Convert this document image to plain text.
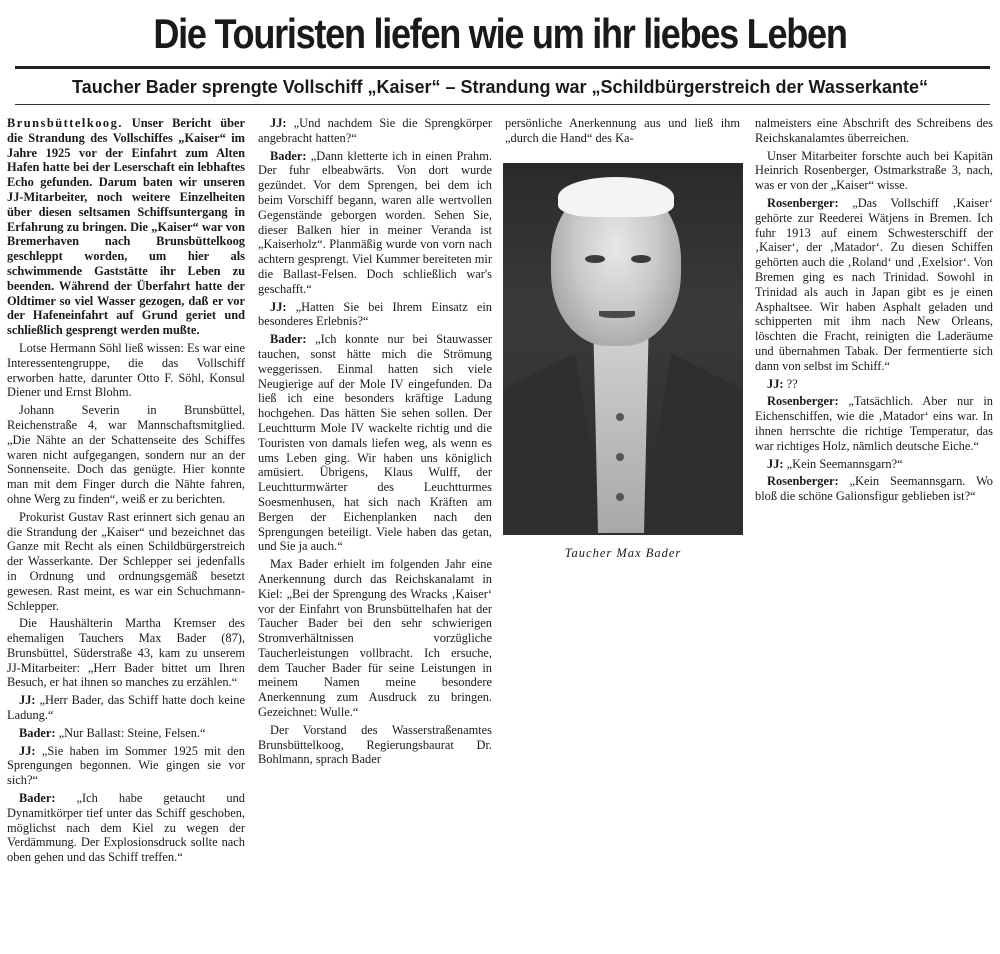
Die Touristen liefen wie um ihr liebes Leben
Taucher Bader sprengte Vollschiff „Kaiser“ – Strandung war „Schildbürgerstreich der Wasserkante“

Brunsbüttelkoog. Unser Bericht über die Strandung des Vollschiffes „Kaiser“ im Jahre 1925 vor der Einfahrt zum Alten Hafen hatte bei der Leserschaft ein lebhaftes Echo gefunden. Darum baten wir unseren JJ-Mitarbeiter, noch weitere Einzelheiten über diesen seltsamen Schiffsuntergang in Erfahrung zu bringen. Die „Kaiser“ war von Bremerhaven nach Brunsbüttelkoog geschleppt worden, um hier als schwimmende Gaststätte ihr Leben zu beenden. Während der Überfahrt hatte der Oldtimer so viel Wasser gezogen, daß er vor der Hafeneinfahrt auf Grund geriet und schließlich gesprengt werden mußte.

Lotse Hermann Söhl ließ wissen: Es war eine Interessentengruppe, die das Vollschiff erworben hatte, darunter Otto F. Söhl, Konsul Diener und Ernst Blohm.

Johann Severin in Brunsbüttel, Reichenstraße 4, war Mannschaftsmitglied. „Die Nähte an der Schattenseite des Schiffes waren nicht aufgegangen, sondern nur an der Sonnenseite. Doch das genügte. Hier konnte man mit dem Finger durch die Nähte fahren, ohne Werg zu finden“, weiß er zu berichten.

Prokurist Gustav Rast erinnert sich genau an die Strandung der „Kaiser“ und bezeichnet das Ganze mit Recht als einen Schildbürgerstreich der Wasserkante. Der Schlepper sei jedenfalls in Ordnung und ordnungsgemäß besetzt gewesen. Rast meint, es war ein Schuchmann-Schlepper.

Die Haushälterin Martha Kremser des ehemaligen Tauchers Max Bader (87), Brunsbüttel, Süderstraße 43, kam zu unserem JJ-Mitarbeiter: „Herr Bader bittet um Ihren Besuch, er hat ihnen so manches zu erzählen.“

JJ: „Herr Bader, das Schiff hatte doch keine Ladung.“

Bader: „Nur Ballast: Steine, Felsen.“

JJ: „Sie haben im Sommer 1925 mit den Sprengungen begonnen. Wie gingen sie vor sich?“

Bader: „Ich habe getaucht und Dynamitkörper tief unter das Schiff geschoben, möglichst nach dem Kiel zu wegen der Verdämmung. Der Explosionsdruck sollte nach oben gehen und das Schiff treffen.“

JJ: „Und nachdem Sie die Sprengkörper angebracht hatten?“

Bader: „Dann kletterte ich in einen Prahm. Der fuhr elbeabwärts. Von dort wurde gezündet. Vor dem Sprengen, bei dem ich beim Vorschiff begann, waren alle wertvollen Gegenstände geborgen worden. Sehen Sie, dieser Balken hier in meiner Veranda ist „Kaiserholz“. Planmäßig wurde von vorn nach achtern gesprengt. Viel Kummer bereiteten mir die Ballast-Felsen. Doch schließlich war's geschafft.“

JJ: „Hatten Sie bei Ihrem Einsatz ein besonderes Erlebnis?“

Bader: „Ich konnte nur bei Stauwasser tauchen, sonst hätte mich die Strömung weggerissen. Einmal hatten sich viele Neugierige auf der Mole IV eingefunden. Da ließ ich eine besonders kräftige Ladung hochgehen. Das hätten Sie sehen sollen. Der Leuchtturm Mole IV wackelte richtig und die Touristen von damals liefen weg, als wenn es ums Leben ging. Wir haben uns königlich amüsiert. Übrigens, Klaus Wulff, der Leuchtturmwärter des Leuchtturmes Soesmenhusen, hat sich nach Kräften am Bergen der Eichenplanken nach den Sprengungen beteiligt. Viele haben das getan, und Sie ja auch.“

Max Bader erhielt im folgenden Jahr eine Anerkennung durch das Reichskanalamt in Kiel: „Bei der Sprengung des Wracks ‚Kaiser‘ vor der Einfahrt von Brunsbüttelhafen hat der Taucher Bader bei den sehr schwierigen Stromverhältnissen vorzügliche Taucherleistungen vollbracht. Ich ersuche, dem Taucher Bader für seine Leistungen in meinem Namen meine besondere Anerkennung zum Ausdruck zu bringen. Gezeichnet: Wulle.“

Der Vorstand des Wasserstraßenamtes Brunsbüttelkoog, Regierungsbaurat Dr. Bohlmann, sprach Bader

persönliche Anerkennung aus und ließ ihm „durch die Hand“ des Ka-

Taucher Max Bader

nalmeisters eine Abschrift des Schreibens des Reichskanalamtes überreichen.

Unser Mitarbeiter forschte auch bei Kapitän Heinrich Rosenberger, Ostmarkstraße 3, nach, was er von der „Kaiser“ wisse.

Rosenberger: „Das Vollschiff ‚Kaiser‘ gehörte zur Reederei Wätjens in Bremen. Ich fuhr 1913 auf einem Schwesterschiff der ‚Kaiser‘, der ‚Matador‘. Zu diesen Schiffen gehörten auch die ‚Roland‘ und ‚Exelsior‘. Von Bremen ging es nach Trinidad. Sowohl in Trinidad als auch in Japan gibt es je einen Asphaltsee. Wir haben Asphalt geladen und schipperten mit ihm nach New Orleans, löschten die Fracht, reinigten die Laderäume und übernahmen Tabak. Der fermentierte sich dann von selbst im Schiff.“

JJ: ??

Rosenberger: „Tatsächlich. Aber nur in Eichenschiffen, wie die ‚Matador‘ eins war. In ihnen herrschte die richtige Temperatur, das war richtiges Holz, nämlich deutsche Eiche.“

JJ: „Kein Seemannsgarn?“

Rosenberger: „Kein Seemannsgarn. Wo bloß die schöne Galionsfigur geblieben ist?“
